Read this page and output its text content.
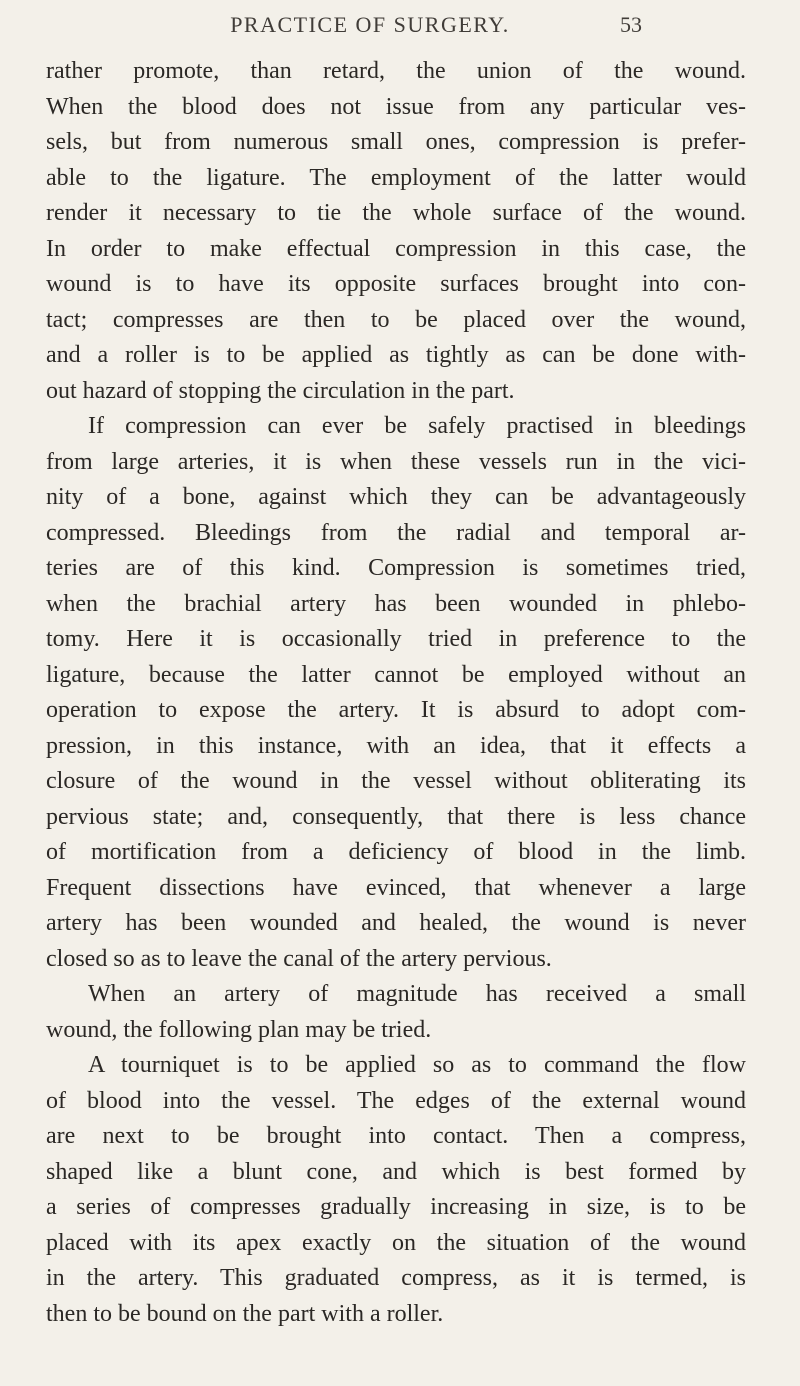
PRACTICE OF SURGERY.	53
rather promote, than retard, the union of the wound.
When the blood does not issue from any particular ves-
sels, but from numerous small ones, compression is prefer-
able to the ligature. The employment of the latter would
render it necessary to tie the whole surface of the wound.
In order to make effectual compression in this case, the
wound is to have its opposite surfaces brought into con-
tact; compresses are then to be placed over the wound,
and a roller is to be applied as tightly as can be done with-
out hazard of stopping the circulation in the part.
If compression can ever be safely practised in bleedings
from large arteries, it is when these vessels run in the vici-
nity of a bone, against which they can be advantageously
compressed. Bleedings from the radial and temporal ar-
teries are of this kind. Compression is sometimes tried,
when the brachial artery has been wounded in phlebo-
tomy. Here it is occasionally tried in preference to the
ligature, because the latter cannot be employed without an
operation to expose the artery. It is absurd to adopt com-
pression, in this instance, with an idea, that it effects a
closure of the wound in the vessel without obliterating its
pervious state; and, consequently, that there is less chance
of mortification from a deficiency of blood in the limb.
Frequent dissections have evinced, that whenever a large
artery has been wounded and healed, the wound is never
closed so as to leave the canal of the artery pervious.
When an artery of magnitude has received a small
wound, the following plan may be tried.
A tourniquet is to be applied so as to command the flow
of blood into the vessel. The edges of the external wound
are next to be brought into contact. Then a compress,
shaped like a blunt cone, and which is best formed by
a series of compresses gradually increasing in size, is to be
placed with its apex exactly on the situation of the wound
in the artery. This graduated compress, as it is termed, is
then to be bound on the part with a roller.
